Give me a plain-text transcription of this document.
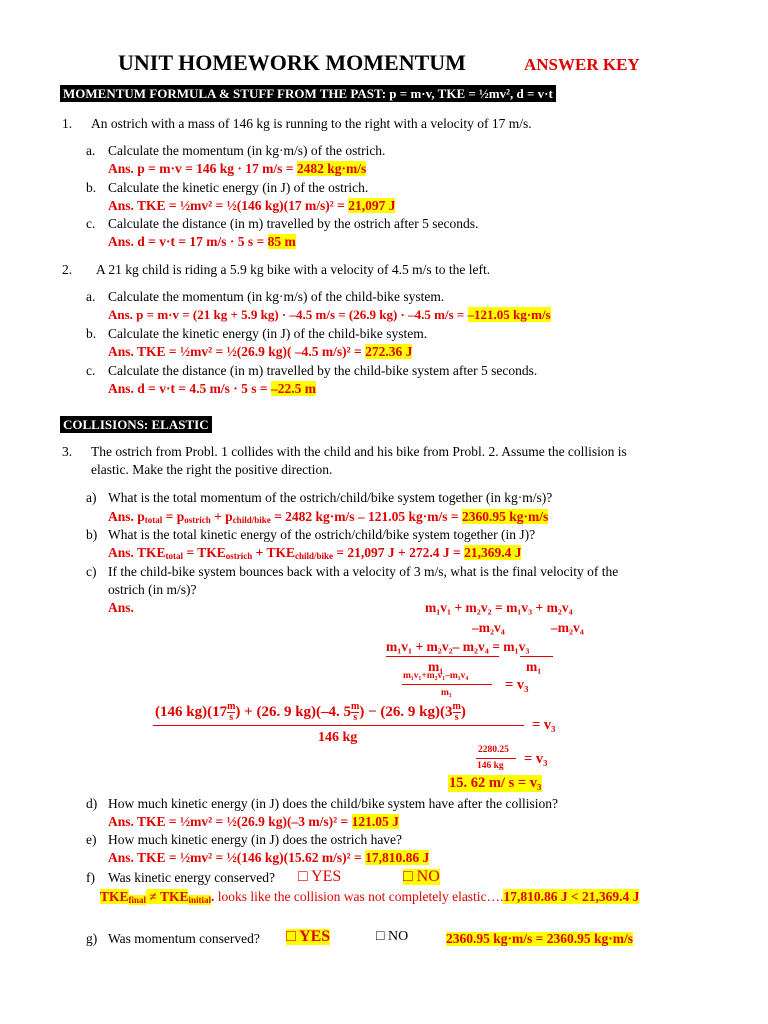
UNIT HOMEWORK MOMENTUM	ANSWER KEY
MOMENTUM FORMULA & STUFF FROM THE PAST: p = m·v, TKE = ½mv², d = v·t
1. An ostrich with a mass of 146 kg is running to the right with a velocity of 17 m/s.
a. Calculate the momentum (in kg·m/s) of the ostrich.
Ans. p = m·v = 146 kg · 17 m/s = 2482 kg·m/s
b. Calculate the kinetic energy (in J) of the ostrich.
Ans. TKE = ½mv² = ½(146 kg)(17 m/s)² = 21,097 J
c. Calculate the distance (in m) travelled by the ostrich after 5 seconds.
Ans. d = v·t = 17 m/s · 5 s = 85 m
2. A 21 kg child is riding a 5.9 kg bike with a velocity of 4.5 m/s to the left.
a. Calculate the momentum (in kg·m/s) of the child-bike system.
Ans. p = m·v = (21 kg + 5.9 kg) · –4.5 m/s = (26.9 kg) · –4.5 m/s = –121.05 kg·m/s
b. Calculate the kinetic energy (in J) of the child-bike system.
Ans. TKE = ½mv² = ½(26.9 kg)( –4.5 m/s)² = 272.36 J
c. Calculate the distance (in m) travelled by the child-bike system after 5 seconds.
Ans. d = v·t = 4.5 m/s · 5 s = –22.5 m
COLLISIONS: ELASTIC
3. The ostrich from Probl. 1 collides with the child and his bike from Probl. 2. Assume the collision is
elastic. Make the right the positive direction.
a) What is the total momentum of the ostrich/child/bike system together (in kg·m/s)?
Ans. $p_{total} = p_{ostrich} + p_{child/bike} = 2482$ kg·m/s – 121.05 kg·m/s = 2360.95 kg·m/s
b) What is the total kinetic energy of the ostrich/child/bike system together (in J)?
Ans. $TKE_{total} = TKE_{ostrich} + TKE_{child/bike} = 21,097$ J + 272.4 J = 21,369.4 J
c) If the child-bike system bounces back with a velocity of 3 m/s, what is the final velocity of the
ostrich (in m/s)?
Ans.	m₁v₁ + m₂v₂ = m₁v₃ + m₂v₄
–m₂v₄	–m₂v₄
m₁v₁ + m₂v₂– m₂v₄ = m₁v₃
m₁	m₁
m₁v₁+m₂v₁–m₁v₄
m₁	= v₃
(146 $kg)(17 \frac{m}{s}$ ) + (26. 9 kg)(–4. $5 \frac{m}{s}$ ) − (26. 9 $kg)(3 \frac{m}{s}$ )
146 kg
= v₃
2280.25
146 kg = v₃
15. 62 m/ s = v₃
d) How much kinetic energy (in J) does the child/bike system have after the collision?
Ans. TKE = ½mv² = ½(26.9 kg)(–3 m/s)² = 121.05 J
e) How much kinetic energy (in J) does the ostrich have?
Ans. TKE = ½mv² = ½(146 kg)(15.62 m/s)² = 17,810.86 J
f) Was kinetic energy conserved? □ YES	□ NO
$TKE_{final} \ne TKE_{initial}$. looks like the collision was not completely elastic….17,810.86 J < 21,369.4 J
g) Was momentum conserved? □ YES	□ NO	2360.95 kg·m/s = 2360.95 kg·m/s
